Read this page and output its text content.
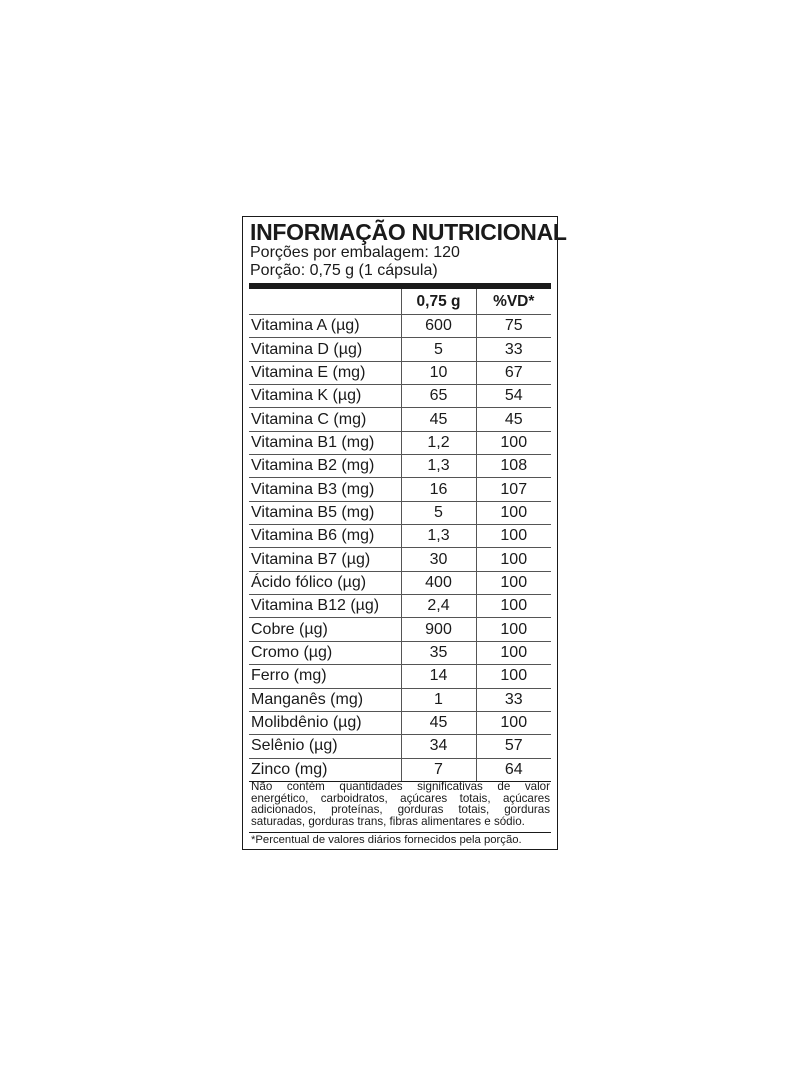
INFORMAÇÃO NUTRICIONAL
Porções por embalagem: 120
Porção: 0,75 g (1 cápsula)
	0,75 g	%VD*
Vitamina A (µg)	600	75
Vitamina D (µg)	5	33
Vitamina E (mg)	10	67
Vitamina K (µg)	65	54
Vitamina C (mg)	45	45
Vitamina B1 (mg)	1,2	100
Vitamina B2 (mg)	1,3	108
Vitamina B3 (mg)	16	107
Vitamina B5 (mg)	5	100
Vitamina B6 (mg)	1,3	100
Vitamina B7 (µg)	30	100
Ácido fólico (µg)	400	100
Vitamina B12 (µg)	2,4	100
Cobre (µg)	900	100
Cromo (µg)	35	100
Ferro (mg)	14	100
Manganês (mg)	1	33
Molibdênio (µg)	45	100
Selênio (µg)	34	57
Zinco (mg)	7	64
Não contém quantidades significativas de valor energético, carboidratos, açúcares totais, açúcares adicionados, proteínas, gorduras totais, gorduras saturadas, gorduras trans, fibras alimentares e sódio.
*Percentual de valores diários fornecidos pela porção.
